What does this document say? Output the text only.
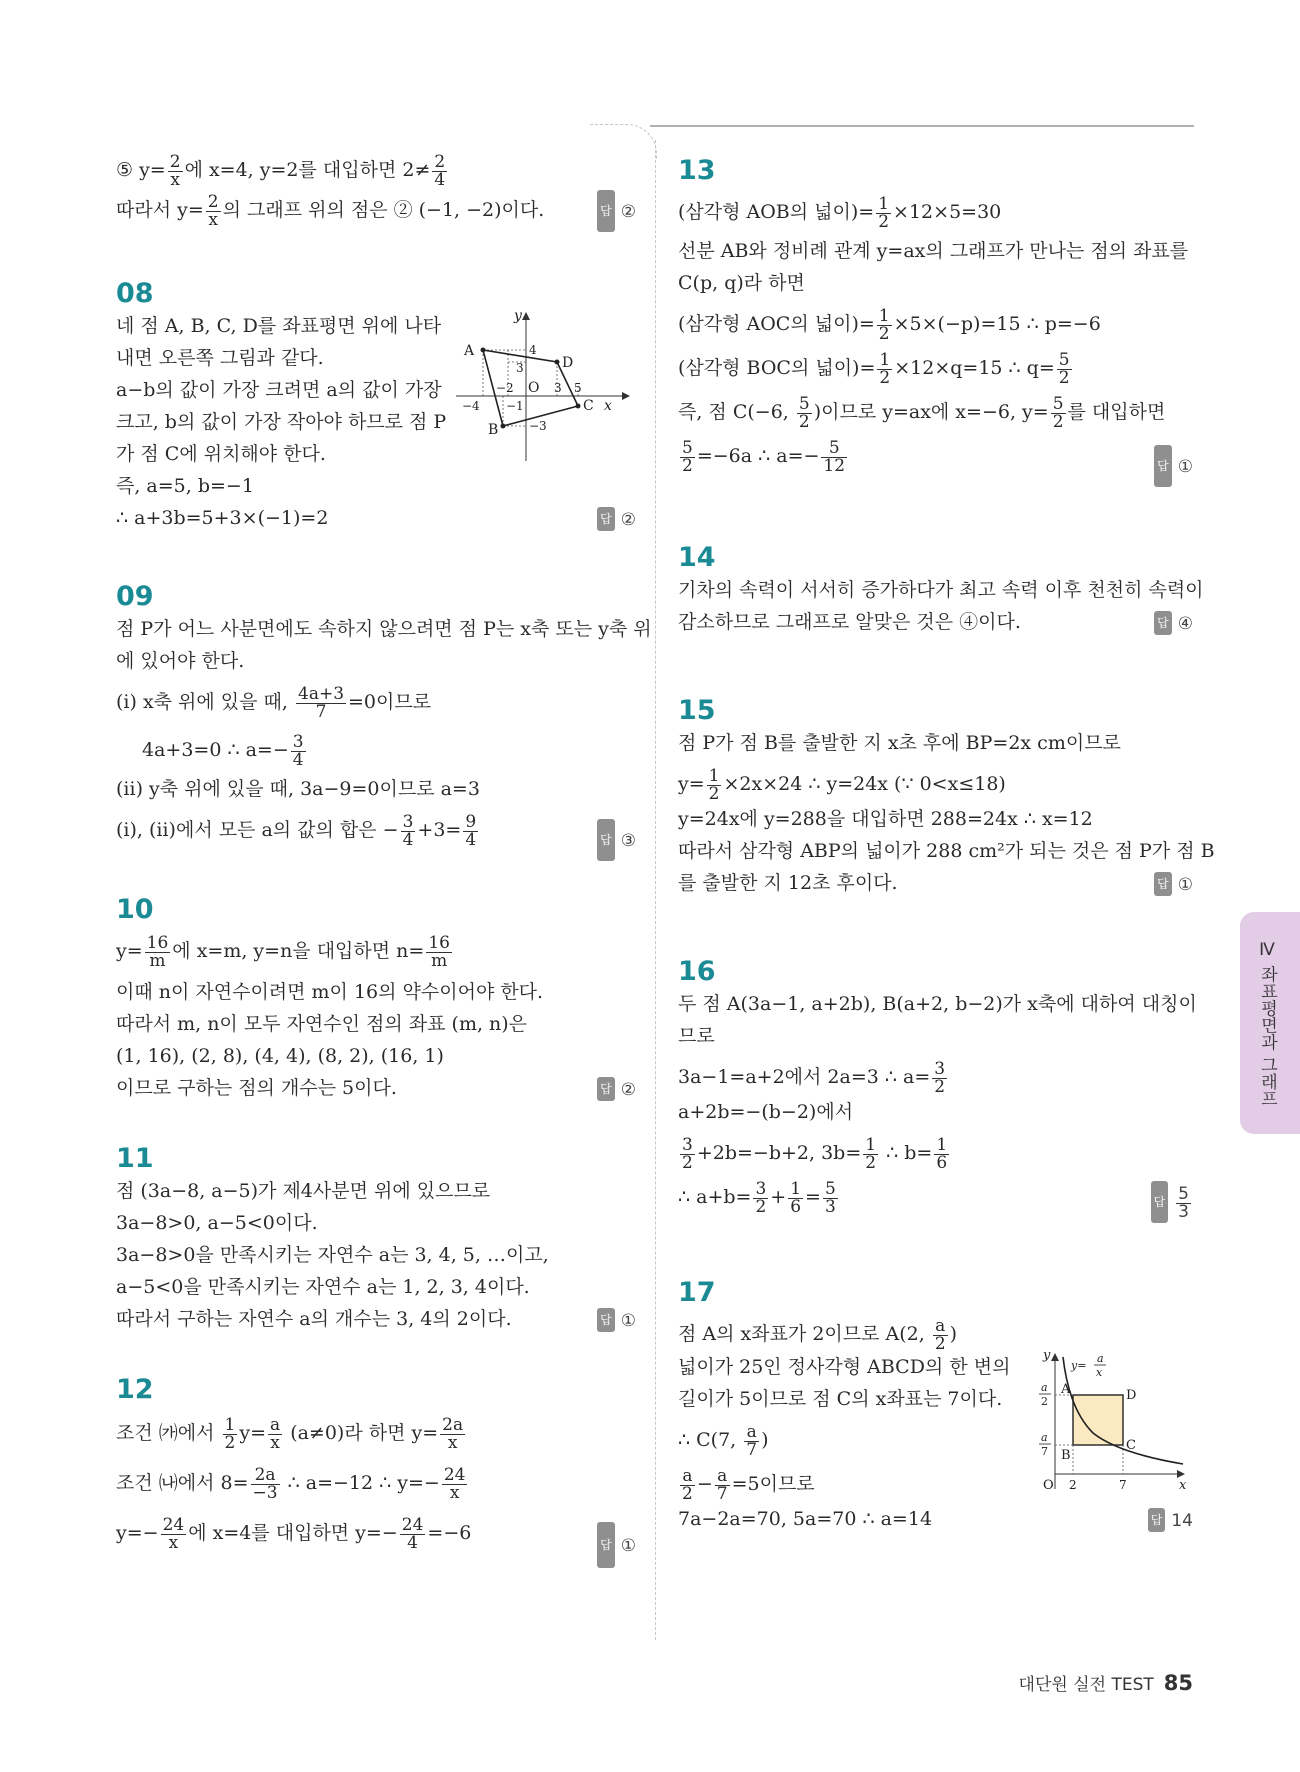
⑤ $y= \frac{2}{x}$ 에 x=4, y=2를 대입하면 $2\ne \frac{2}{4}$
따라서 $y= \frac{2}{x}$ 의 그래프 위의 점은 ② (−1, −2)이다.	답 ②
08
네 점 A, B, C, D를 좌표평면 위에 나타
내면 오른쪽 그림과 같다.
a−b의 값이 가장 크려면 a의 값이 가장
크고, b의 값이 가장 작아야 하므로 점 P
가 점 C에 위치해야 한다.
즉, a=5, b=−1
∴ a+3b=5+3×(−1)=2	답 ②
A
D
C
B
O
x
y
4
3
−2
−4 −1
−3
3 5
09
점 P가 어느 사분면에도 속하지 않으려면 점 P는 x축 또는 y축 위
에 있어야 한다.
(ⅰ) x축 위에 있을 때, $\frac{4a+3}{7} =0$이므로
4a+3=0 ∴ $a=- \frac{3}{4}$
(ⅱ) y축 위에 있을 때, 3a−9=0이므로 a=3
(ⅰ), (ⅱ)에서 모든 a의 값의 합은 − $\frac{3}{4} +3= \frac{9}{4}$	답 ③
10
$y= \frac{16}{m}$ 에 x=m, y=n을 대입하면 $n= \frac{16}{m}$
이때 n이 자연수이려면 m이 16의 약수이어야 한다.
따라서 m, n이 모두 자연수인 점의 좌표 (m, n)은
(1, 16), (2, 8), (4, 4), (8, 2), (16, 1)
이므로 구하는 점의 개수는 5이다.	답 ②
11
점 (3a−8, a−5)가 제4사분면 위에 있으므로
3a−8>0, a−5<0이다.
3a−8>0을 만족시키는 자연수 a는 3, 4, 5, …이고,
a−5<0을 만족시키는 자연수 a는 1, 2, 3, 4이다.
따라서 구하는 자연수 a의 개수는 3, 4의 2이다.	답 ①
12
조건 ㈎에서 $\frac{1}{2} y= \frac{a}{x} (a\ne 0)$라 하면 $y= \frac{2a}{x}$
조건 ㈏에서 $8= \frac{2a}{-3}$ ∴ a=−12 ∴ $y=- \frac{24}{x}$
$y=- \frac{24}{x}$ 에 x=4를 대입하면 $y=- \frac{24}{4} =-6$
답 ①
13
(삼각형 AOB의 넓이)= $\frac{1}{2} \times 12\times 5=30$
선분 AB와 정비례 관계 y=ax의 그래프가 만나는 점의 좌표를
C(p, q)라 하면
(삼각형 AOC의 넓이)= $\frac{1}{2} \times 5\times(-p)=15$ ∴ p=−6
(삼각형 BOC의 넓이)= $\frac{1}{2} \times 12\times q=15$ ∴ $q= \frac{5}{2}$
즉, 점 C(−6, $\frac{5}{2}$ )이므로 y=ax에 x=−6, $y= \frac{5}{2}$ 를 대입하면
$\frac{5}{2} =-6a$ ∴ $a=- \frac{5}{12}$	답 ①
14
기차의 속력이 서서히 증가하다가 최고 속력 이후 천천히 속력이
감소하므로 그래프로 알맞은 것은 ④이다.	답 ④
15
점 P가 점 B를 출발한 지 x초 후에 BP=2x cm이므로
$y= \frac{1}{2} \times 2x\times 24$ ∴ y=24x (∵ 0<x≤18)
y=24x에 y=288을 대입하면 288=24x ∴ x=12
따라서 삼각형 ABP의 넓이가 288 cm²가 되는 것은 점 P가 점 B
를 출발한 지 12초 후이다.	답 ①
16
두 점 A(3a−1, a+2b), B(a+2, b−2)가 x축에 대하여 대칭이
므로
3a−1=a+2에서 2a=3 ∴ $a= \frac{3}{2}$
a+2b=−(b−2)에서
$\frac{3}{2} +2b=-b+2$, $3b= \frac{1}{2}$ ∴ $b= \frac{1}{6}$
∴ $a+b= \frac{3}{2} + \frac{1}{6} = \frac{5}{3}$	답 $\frac{5}{3}$
17
점 A의 x좌표가 2이므로 A(2, $\frac{a}{2}$ )
넓이가 25인 정사각형 ABCD의 한 변의
길이가 5이므로 점 C의 x좌표는 7이다.
∴ C(7, $\frac{a}{7}$ )
$\frac{a}{2} - \frac{a}{7} =5$이므로
7a−2a=70, 5a=70 ∴ a=14	답 14
A
B
C
D
O 2	7	x
y
a
2
a
7
y=
a
x
Ⅳ 좌표평면과 그래프
대단원 실전 TEST 85
